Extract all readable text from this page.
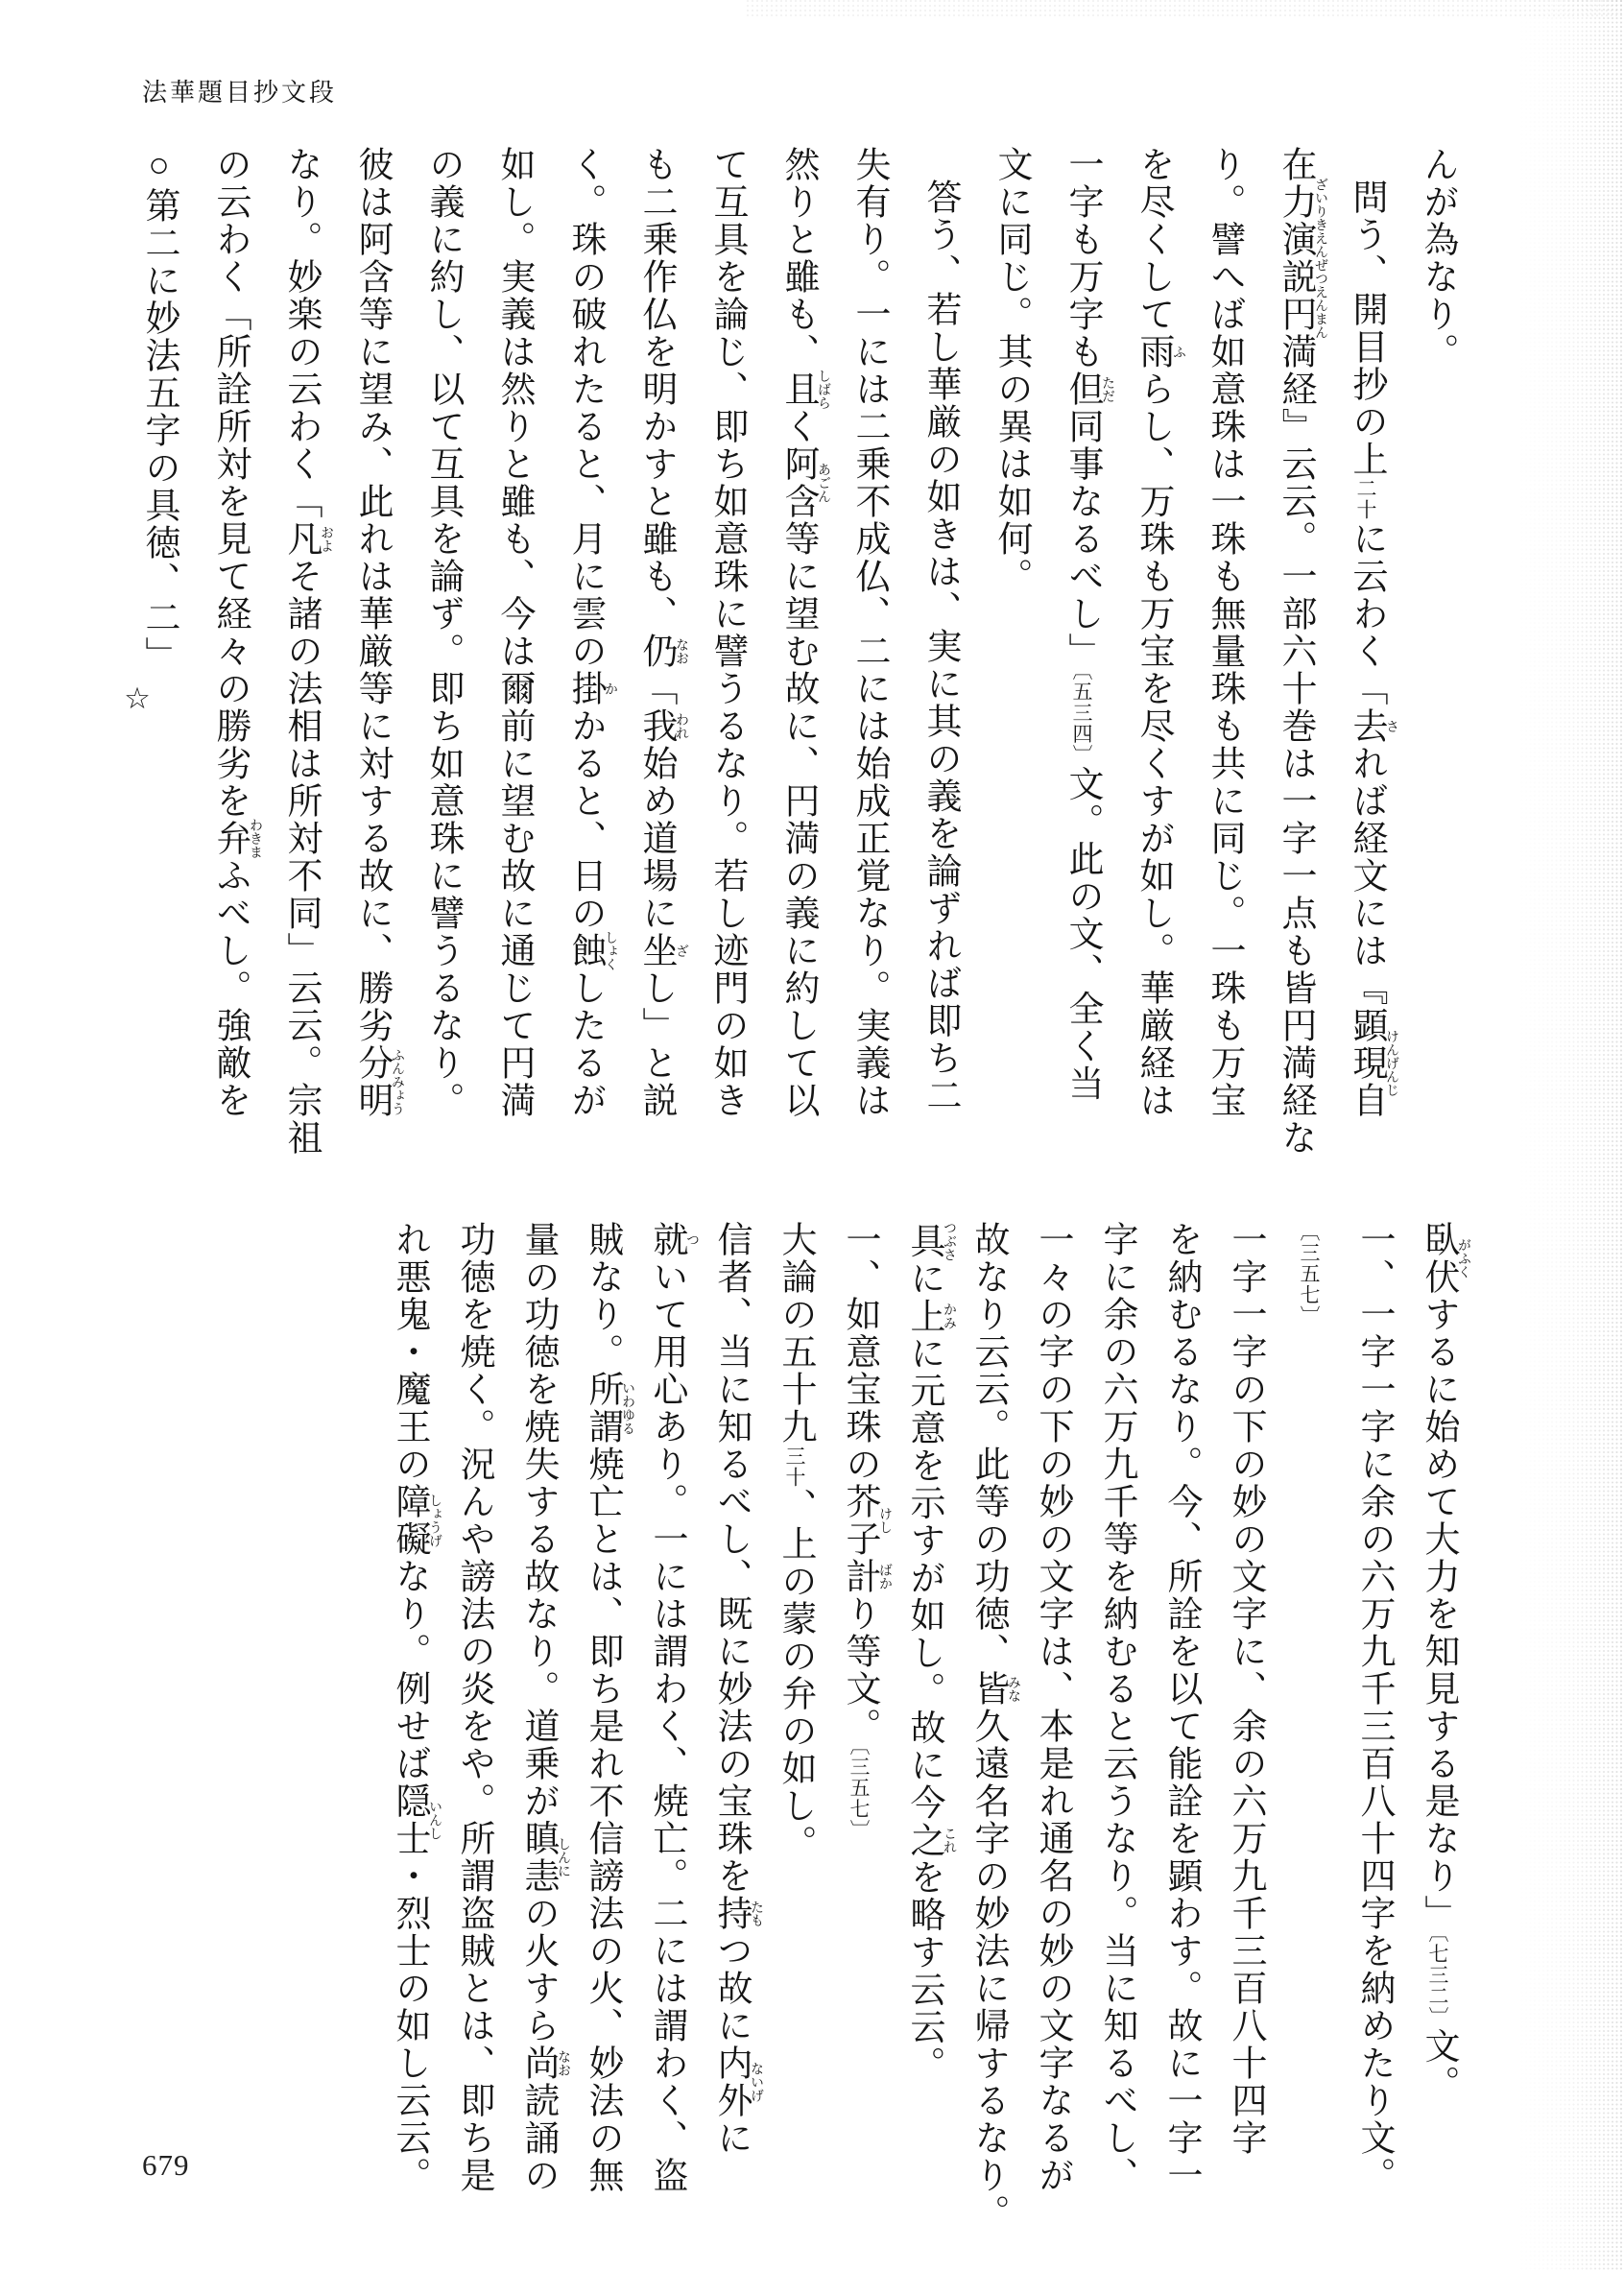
法華題目抄文段
んが為なり。
問う、開目抄の上二十に云わく「去されば経文には『顕現自けんげんじ
在力演説円満ざいりきえんぜつえんまん経』云云。一部六十巻は一字一点も皆円満経な
り。譬へば如意珠は一珠も無量珠も共に同じ。一珠も万宝
を尽くして雨ふらし、万珠も万宝を尽くすが如し。華厳経は
一字も万字も但ただ同事なるべし」〔五三四〕文。此の文、全く当
文に同じ。其の異は如何。
答う、若し華厳の如きは、実に其の義を論ずれば即ち二
失有り。一には二乗不成仏、二には始成正覚なり。実義は
然りと雖も、且しばらく阿含あごん等に望む故に、円満の義に約して以
て互具を論じ、即ち如意珠に譬うるなり。若し迹門の如き
も二乗作仏を明かすと雖も、仍なお「我われ始め道場に坐ざし」と説
く。珠の破れたると、月に雲の掛かかると、日の蝕しょくしたるが
如し。実義は然りと雖も、今は爾前に望む故に通じて円満
の義に約し、以て互具を論ず。即ち如意珠に譬うるなり。
彼は阿含等に望み、此れは華厳等に対する故に、勝劣分明ふんみょう
なり。妙楽の云わく「凡およそ諸の法相は所対不同」云云。宗祖
の云わく「所詮所対を見て経々の勝劣を弁わきまふべし。強敵を
○第二に妙法五字の具徳、二」☆
臥伏がふくするに始めて大力を知見する是なり」〔七三二〕文。
一、一字一字に余の六万九千三百八十四字を納めたり文。
〔三五七〕
一字一字の下の妙の文字に、余の六万九千三百八十四字
を納むるなり。今、所詮を以て能詮を顕わす。故に一字一
字に余の六万九千等を納むると云うなり。当に知るべし、
一々の字の下の妙の文字は、本是れ通名の妙の文字なるが
故なり云云。此等の功徳、皆みな久遠名字の妙法に帰するなり。
具つぶさに上かみに元意を示すが如し。故に今之これを略す云云。
一、如意宝珠の芥子けし計ばかり等文。〔三五七〕
大論の五十九三十、上の蒙の弁の如し。
信者、当に知るべし、既に妙法の宝珠を持たもつ故に内外ないげに
就ついて用心あり。一には謂わく、焼亡。二には謂わく、盗
賊なり。所謂いわゆる焼亡とは、即ち是れ不信謗法の火、妙法の無
量の功徳を焼失する故なり。道乗が瞋恚しんにの火すら尚なお読誦の
功徳を焼く。況んや謗法の炎をや。所謂盗賊とは、即ち是
れ悪鬼・魔王の障礙しょうげなり。例せば隠士いんし・烈士の如し云云。
679
